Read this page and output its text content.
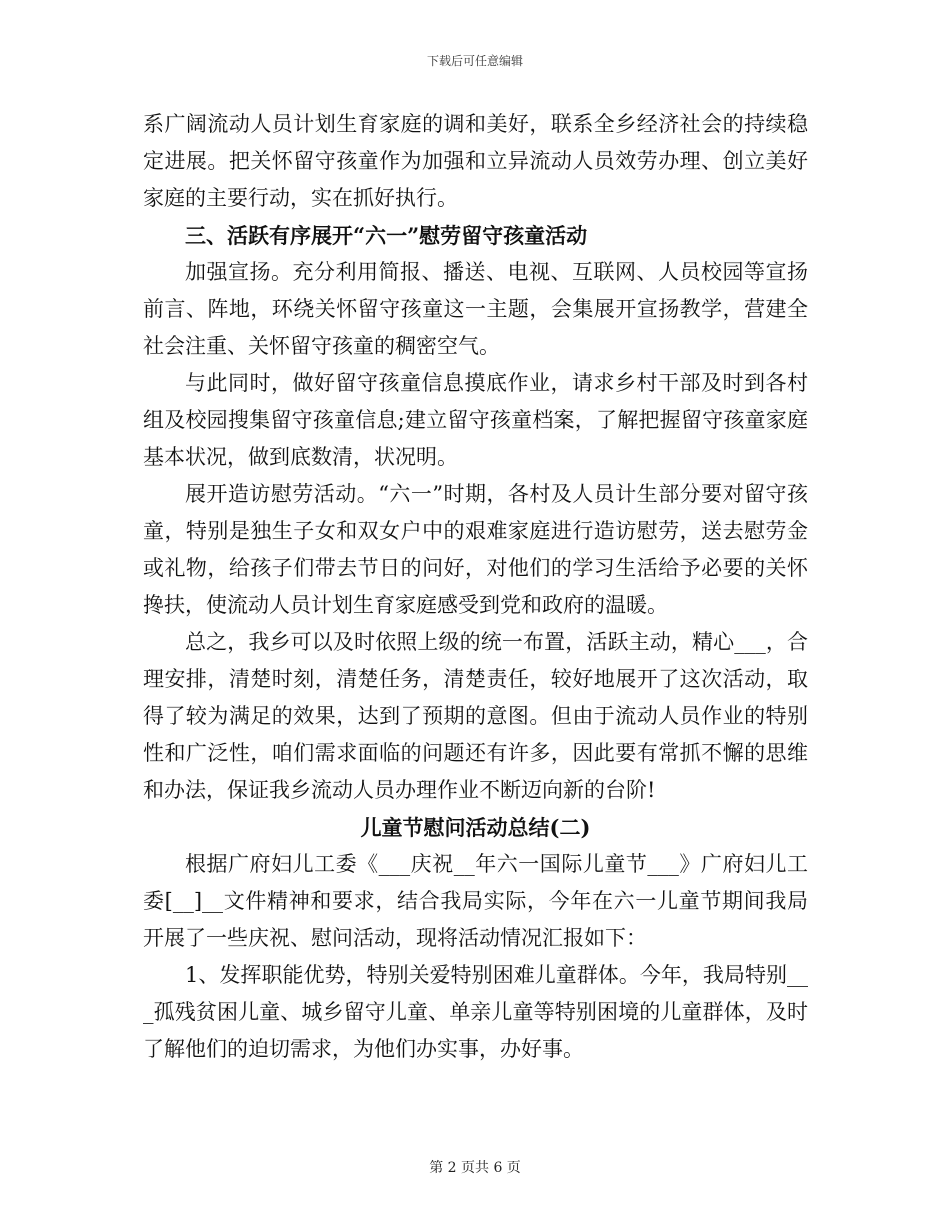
下载后可任意编辑

系广阔流动人员计划生育家庭的调和美好，联系全乡经济社会的持续稳定进展。把关怀留守孩童作为加强和立异流动人员效劳办理、创立美好家庭的主要行动，实在抓好执行。

三、活跃有序展开“六一”慰劳留守孩童活动

加强宣扬。充分利用简报、播送、电视、互联网、人员校园等宣扬前言、阵地，环绕关怀留守孩童这一主题，会集展开宣扬教学，营建全社会注重、关怀留守孩童的稠密空气。

与此同时，做好留守孩童信息摸底作业，请求乡村干部及时到各村组及校园搜集留守孩童信息;建立留守孩童档案，了解把握留守孩童家庭基本状况，做到底数清，状况明。

展开造访慰劳活动。“六一”时期，各村及人员计生部分要对留守孩童，特别是独生子女和双女户中的艰难家庭进行造访慰劳，送去慰劳金或礼物，给孩子们带去节日的问好，对他们的学习生活给予必要的关怀搀扶，使流动人员计划生育家庭感受到党和政府的温暖。

总之，我乡可以及时依照上级的统一布置，活跃主动，精心___，合理安排，清楚时刻，清楚任务，清楚责任，较好地展开了这次活动，取得了较为满足的效果，达到了预期的意图。但由于流动人员作业的特别性和广泛性，咱们需求面临的问题还有许多，因此要有常抓不懈的思维和办法，保证我乡流动人员办理作业不断迈向新的台阶!

儿童节慰问活动总结(二)

根据广府妇儿工委《___庆祝__年六一国际儿童节___》广府妇儿工委[__]__文件精神和要求，结合我局实际，今年在六一儿童节期间我局开展了一些庆祝、慰问活动，现将活动情况汇报如下：

1、发挥职能优势，特别关爱特别困难儿童群体。今年，我局特别___孤残贫困儿童、城乡留守儿童、单亲儿童等特别困境的儿童群体，及时了解他们的迫切需求，为他们办实事，办好事。

第 2 页共 6 页
